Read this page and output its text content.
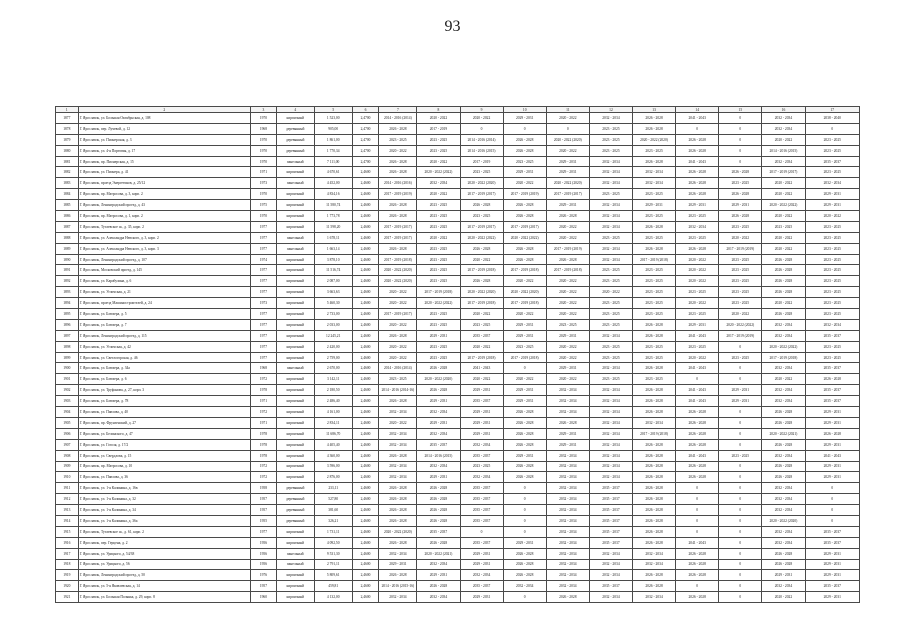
93
1	2	3	4	5	6	7	8	9	10	11	12	13	14	15	16	17
1877	Г. Ярославль, ул. Большая Октябрьская, д. 108	1970	кирпичный	1 523,00	2,4700	2014 - 2016 (2014)	2020 - 2022	2020 - 2022	2029 - 2031	2020 - 2022	2032 - 2034	2026 - 2028	2041 - 2043	0	2032 - 2034	2038 - 2040
1878	Г. Ярославль, пер. Лучевой, д. 12	1968	деревянный	905,00	2,4700	2026 - 2028	2017 - 2019	0	0	0	2023 - 2025	2026 - 2028	0	0	2032 - 2034	0
1879	Г. Ярославль, ул. Пионерская, д. 3	1970	деревянный	1 861,00	2,4700	2023 - 2025	2023 - 2025	2014 - 2016 (2014)	2026 - 2028	2020 - 2022 (2020)	2023 - 2025	2020 - 2022 (2020)	2026 - 2028	0	2020 - 2022	2023 - 2025
1880	Г. Ярославль, ул. 4-я Портовая, д. 17	1970	деревянный	1 770,34	2,4700	2020 - 2022	2023 - 2025	2014 - 2016 (2015)	2026 - 2028	2020 - 2022	2023 - 2025	2023 - 2025	2026 - 2028	0	2014 - 2016 (2015)	2023 - 2025
1881	Г. Ярославль, пр. Пионерская, д. 15	1970	панельный	7 111,00	2,4700	2026 - 2028	2020 - 2022	2017 - 2019	2023 - 2025	2029 - 2031	2032 - 2034	2026 - 2028	2041 - 2043	0	2032 - 2034	2035 - 2037
1882	Г. Ярославль, ул. Пионера, д. 41	1971	кирпичный	4 670,61	2,4600	2026 - 2028	2020 - 2022 (2022)	2023 - 2025	2029 - 2031	2029 - 2031	2032 - 2034	2032 - 2034	2026 - 2028	2026 - 2028	2017 - 2019 (2017)	2023 - 2025
1883	Г. Ярославль, проезд Энергетиков, д. 25/12	1973	панельный	4 452,00	2,4600	2014 - 2016 (2016)	2032 - 2034	2020 - 2022 (2020)	2020 - 2022	2020 - 2022 (2020)	2032 - 2034	2032 - 2034	2026 - 2028	2023 - 2025	2020 - 2022	2032 - 2034
1884	Г. Ярославль, пр. Матросова, д. 3, корп. 2	1970	кирпичный	4 834,16	2,4600	2017 - 2019 (2019)	2020 - 2022	2017 - 2019 (2017)	2017 - 2019 (2019)	2017 - 2019 (2017)	2023 - 2025	2023 - 2025	2026 - 2028	2026 - 2028	2020 - 2022	2029 - 2031
1885	Г. Ярославль, Ленинградский проезд, д. 43	1975	кирпичный	11 580,74	2,4600	2026 - 2028	2023 - 2025	2026 - 2028	2026 - 2028	2029 - 2031	2032 - 2034	2029 - 2031	2029 - 2031	2029 - 2031	2020 - 2022 (2022)	2029 - 2031
1886	Г. Ярославль, пр. Матросова, д. 1, корп. 2	1970	кирпичный	1 773,78	2,4600	2026 - 2028	2023 - 2025	2023 - 2025	2026 - 2028	2026 - 2028	2032 - 2034	2023 - 2025	2023 - 2025	2026 - 2028	2020 - 2022	2020 - 2022
1887	Г. Ярославль, Тутаевское ш., д. 35, корп. 2	1977	кирпичный	11 598,20	2,4600	2017 - 2019 (2017)	2023 - 2025	2017 - 2019 (2017)	2017 - 2019 (2017)	2020 - 2022	2032 - 2034	2026 - 2028	2032 - 2034	2023 - 2025	2023 - 2025	2023 - 2025
1888	Г. Ярославль, ул. Александра Невского, д. 3, корп. 2	1977	панельный	1 678,11	2,4600	2017 - 2019 (2017)	2020 - 2022	2020 - 2022 (2022)	2020 - 2022 (2022)	2020 - 2022	2023 - 2025	2023 - 2025	2023 - 2025	2020 - 2022	2020 - 2022	2023 - 2025
1889	Г. Ярославль, ул. Александра Невского, д. 3, корп. 3	1977	панельный	1 663,14	2,4600	2026 - 2028	2023 - 2025	2026 - 2028	2026 - 2028	2017 - 2019 (2019)	2032 - 2034	2026 - 2028	2026 - 2028	2017 - 2019 (2019)	2020 - 2022	2023 - 2025
1890	Г. Ярославль, Ленинградский проезд, д. 107	1974	кирпичный	3 878,10	2,4600	2017 - 2019 (2018)	2023 - 2025	2020 - 2022	2026 - 2028	2026 - 2028	2032 - 2034	2017 - 2019 (2018)	2020 - 2022	2023 - 2025	2026 - 2028	2023 - 2025
1891	Г. Ярославль, Московский проезд, д. 145	1977	кирпичный	11 516,74	2,4600	2020 - 2022 (2020)	2023 - 2025	2017 - 2019 (2018)	2017 - 2019 (2018)	2017 - 2019 (2018)	2023 - 2025	2023 - 2025	2020 - 2022	2023 - 2025	2026 - 2028	2023 - 2025
1892	Г. Ярославль, ул. Карабулина, д. 6	1977	кирпичный	2 087,00	2,4600	2020 - 2022 (2020)	2023 - 2025	2026 - 2028	2020 - 2022	2020 - 2022	2023 - 2025	2023 - 2025	2020 - 2022	2023 - 2025	2026 - 2028	2023 - 2025
1893	Г. Ярославль, ул. Угличская, д. 21	1977	кирпичный	3 663,63	2,4600	2020 - 2022	2017 - 2019 (2018)	2020 - 2022 (2020)	2020 - 2022 (2020)	2020 - 2022	2020 - 2022	2023 - 2025	2023 - 2025	2023 - 2025	2026 - 2028	2023 - 2025
1894	Г. Ярославль, проезд Машиностроителей, д. 24	1973	кирпичный	5 460,30	2,4600	2020 - 2022	2020 - 2022 (2022)	2017 - 2019 (2018)	2017 - 2019 (2018)	2020 - 2022	2023 - 2025	2023 - 2025	2020 - 2022	2023 - 2025	2020 - 2022	2023 - 2025
1895	Г. Ярославль, ул. Блюхера, д. 5	1977	кирпичный	2 733,00	2,4600	2017 - 2019 (2017)	2023 - 2025	2020 - 2022	2020 - 2022	2020 - 2022	2023 - 2025	2023 - 2025	2023 - 2025	2020 - 2022	2026 - 2028	2023 - 2025
1896	Г. Ярославль, ул. Блюхера, д. 7	1977	кирпичный	2 033,00	2,4600	2020 - 2022	2023 - 2025	2023 - 2025	2029 - 2031	2023 - 2025	2023 - 2025	2026 - 2028	2029 - 2031	2020 - 2022 (2022)	2032 - 2034	2032 - 2034
1897	Г. Ярославль, Ленинградский проезд, д. 115	1977	кирпичный	12 245,21	2,4600	2026 - 2028	2029 - 2031	2035 - 2037	2029 - 2031	2029 - 2031	2032 - 2034	2026 - 2028	2041 - 2043	2017 - 2019 (2019)	2032 - 2034	2035 - 2037
1898	Г. Ярославль, ул. Угличская, д. 42	1977	кирпичный	2 420,00	2,4600	2020 - 2022	2023 - 2025	2020 - 2022	2023 - 2025	2020 - 2022	2023 - 2025	2023 - 2025	2023 - 2025	0	2020 - 2022 (2022)	2023 - 2025
1899	Г. Ярославль, ул. Светлогорская, д. 46	1977	кирпичный	2 759,00	2,4600	2020 - 2022	2023 - 2025	2017 - 2019 (2018)	2017 - 2019 (2018)	2020 - 2022	2023 - 2025	2023 - 2025	2020 - 2022	2023 - 2025	2017 - 2019 (2018)	2023 - 2025
1900	Г. Ярославль, ул. Блюхера, д. 34а	1968	панельный	2 670,00	2,4600	2014 - 2016 (2014)	2026 - 2028	2041 - 2043	0	2029 - 2031	2032 - 2034	2026 - 2028	2041 - 2043	0	2032 - 2034	2035 - 2037
1901	Г. Ярославль, ул. Блюхера, д. 6	1972	кирпичный	3 142,11	2,4600	2023 - 2025	2020 - 2022 (2020)	2020 - 2022	2020 - 2022	2020 - 2022	2023 - 2025	2023 - 2025	0	0	2020 - 2022	2026 - 2028
1902	Г. Ярославль, ул. Труфанова, д. 27, корп. 3	1978	кирпичный	2 180,50	2,4600	2014 - 2016 (2014-16)	2026 - 2028	2029 - 2031	2029 - 2031	2032 - 2034	2032 - 2034	2026 - 2028	2041 - 2043	2029 - 2031	2032 - 2034	2035 - 2037
1903	Г. Ярославль, ул. Блюхера, д. 78	1971	кирпичный	2 486,40	2,4600	2026 - 2028	2029 - 2031	2035 - 2037	2029 - 2031	2032 - 2034	2032 - 2034	2026 - 2028	2041 - 2043	2029 - 2031	2032 - 2034	2035 - 2037
1904	Г. Ярославль, ул. Павлова, д. 40	1972	кирпичный	4 161,00	2,4600	2032 - 2034	2032 - 2034	2029 - 2031	2026 - 2028	2032 - 2034	2032 - 2034	2026 - 2028	2026 - 2028	0	2026 - 2028	2029 - 2031
1905	Г. Ярославль, пр. Фрунзенский, д. 27	1971	кирпичный	2 834,11	2,4600	2020 - 2022	2029 - 2031	2029 - 2031	2026 - 2028	2026 - 2028	2032 - 2034	2032 - 2034	2026 - 2028	0	2026 - 2028	2029 - 2031
1906	Г. Ярославль, ул. Белинского, д. 47	1978	кирпичный	11 686,70	2,4600	2032 - 2034	2032 - 2034	2029 - 2031	2026 - 2028	2029 - 2031	2032 - 2034	2017 - 2019 (2018)	2026 - 2028	0	2020 - 2022 (2021)	2026 - 2028
1907	Г. Ярославль, ул. Гоголя, д. 17/2	1978	кирпичный	4 405,40	2,4600	2032 - 2034	2035 - 2037	2032 - 2034	2026 - 2028	2029 - 2031	2032 - 2034	2026 - 2028	2026 - 2028	0	2026 - 2028	2029 - 2031
1908	Г. Ярославль, ул. Свердлова, д. 15	1978	кирпичный	4 360,00	2,4600	2026 - 2028	2014 - 2016 (2015)	2035 - 2037	2029 - 2031	2032 - 2034	2032 - 2034	2026 - 2028	2041 - 2043	2023 - 2025	2032 - 2034	2041 - 2043
1909	Г. Ярославль, пр. Матросова, д. 10	1972	кирпичный	3 596,00	2,4600	2032 - 2034	2032 - 2034	2023 - 2025	2026 - 2028	2032 - 2034	2032 - 2034	2026 - 2028	2026 - 2028	0	2026 - 2028	2029 - 2031
1910	Г. Ярославль, ул. Павлова, д. 36	1972	кирпичный	2 876,00	2,4600	2032 - 2034	2029 - 2031	2032 - 2034	2026 - 2028	2032 - 2034	2032 - 2034	2026 - 2028	2026 - 2028	0	2026 - 2028	2029 - 2031
1911	Г. Ярославль, ул. 1-я Калинина, д. 16в	1958	деревянный	233,11	2,4600	2026 - 2028	2026 - 2028	2035 - 2037	0	2032 - 2034	2035 - 2037	2026 - 2028	0	0	2032 - 2034	0
1912	Г. Ярославль, ул. 1-я Калинина, д. 32	1957	деревянный	527,80	2,4600	2026 - 2028	2026 - 2028	2035 - 2037	0	2032 - 2034	2035 - 2037	2026 - 2028	0	0	2032 - 2034	0
1913	Г. Ярославль, ул. 1-я Калинина, д. 34	1957	деревянный	381,60	2,4600	2026 - 2028	2026 - 2028	2035 - 2037	0	2032 - 2034	2035 - 2037	2026 - 2028	0	0	2032 - 2034	0
1914	Г. Ярославль, ул. 1-я Калинина, д. 36а	1955	деревянный	326,21	2,4600	2026 - 2028	2026 - 2028	2035 - 2037	0	2032 - 2034	2035 - 2037	2026 - 2028	0	0	2020 - 2022 (2020)	0
1915	Г. Ярославль, Тутаевское ш., д. 61, корп. 2	1977	кирпичный	1 731,11	2,4600	2020 - 2022 (2020)	2035 - 2037	0	0	2032 - 2034	2035 - 2037	2026 - 2028	0	0	2032 - 2034	2035 - 2037
1916	Г. Ярославль, пер. Герцена, д. 2	1956	кирпичный	4 092,50	2,4600	2026 - 2028	2026 - 2028	2035 - 2037	2029 - 2031	2032 - 2034	2035 - 2037	2026 - 2028	2041 - 2043	0	2032 - 2034	2035 - 2037
1917	Г. Ярославль, ул. Урицкого, д. 54/38	1956	панельный	9 531,30	2,4600	2032 - 2034	2020 - 2022 (2021)	2029 - 2031	2026 - 2028	2032 - 2034	2032 - 2034	2032 - 2034	2026 - 2028	0	2026 - 2028	2029 - 2031
1918	Г. Ярославль, ул. Урицкого, д. 56	1956	панельный	2 791,11	2,4600	2029 - 2031	2032 - 2034	2029 - 2031	2026 - 2028	2032 - 2034	2032 - 2034	2032 - 2034	2026 - 2028	0	2026 - 2028	2029 - 2031
1919	Г. Ярославль, Ленинградский проезд, д. 50	1976	кирпичный	5 809,61	2,4600	2026 - 2028	2029 - 2031	2032 - 2034	2026 - 2028	2032 - 2034	2032 - 2034	2026 - 2028	2026 - 2028	0	2029 - 2031	2029 - 2031
1920	Г. Ярославль, ул. 5-я Яковлевская, д. 14	1957	кирпичный	459,81	2,4600	2014 - 2016 (2015-16)	2026 - 2028	2035 - 2037	2032 - 2034	2032 - 2034	2035 - 2037	2026 - 2028	0	0	2032 - 2034	2035 - 2037
1921	Г. Ярославль, ул. Большая Полянка, д. 29, корп. 8	1960	кирпичный	4 132,00	2,4600	2032 - 2034	2032 - 2034	2029 - 2031	0	2026 - 2028	2032 - 2034	2032 - 2034	2026 - 2028	0	2020 - 2022	2029 - 2031
